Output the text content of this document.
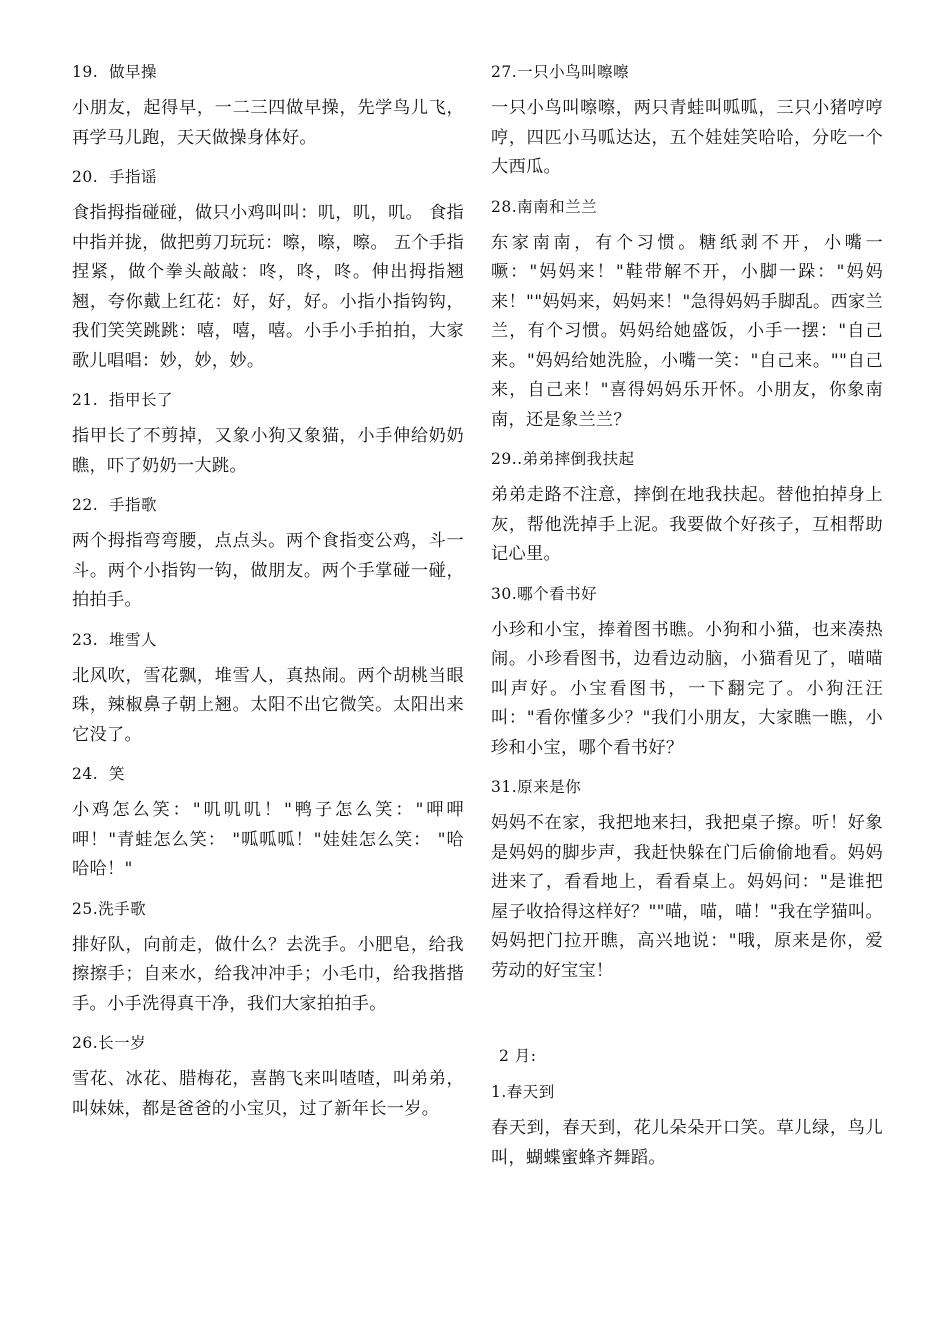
19.  做早操

小朋友，起得早，一二三四做早操，先学鸟儿飞，再学马儿跑，天天做操身体好。

20.  手指谣

食指拇指碰碰，做只小鸡叫叫：叽，叽，叽。 食指中指并拢，做把剪刀玩玩：嚓，嚓，嚓。 五个手指捏紧，做个拳头敲敲：咚，咚，咚。伸出拇指翘翘，夸你戴上红花：好，好，好。小指小指钩钩，我们笑笑跳跳：嘻，嘻，嘻。小手小手拍拍，大家歌儿唱唱：妙，妙，妙。

21.  指甲长了

指甲长了不剪掉，又象小狗又象猫，小手伸给奶奶瞧，吓了奶奶一大跳。

22.  手指歌

两个拇指弯弯腰，点点头。两个食指变公鸡，斗一斗。两个小指钩一钩，做朋友。两个手掌碰一碰，拍拍手。

23.  堆雪人

北风吹，雪花飘，堆雪人，真热闹。两个胡桃当眼珠，辣椒鼻子朝上翘。太阳不出它微笑。太阳出来它没了。

24.  笑

小鸡怎么笑："叽叽叽！"鸭子怎么笑："呷呷呷！"青蛙怎么笑： "呱呱呱！"娃娃怎么笑： "哈哈哈！"

25.洗手歌

排好队，向前走，做什么？去洗手。小肥皂，给我擦擦手；自来水，给我冲冲手；小毛巾，给我揩揩手。小手洗得真干净，我们大家拍拍手。

26.长一岁

雪花、冰花、腊梅花，喜鹊飞来叫喳喳，叫弟弟，叫妹妹，都是爸爸的小宝贝，过了新年长一岁。

27.一只小鸟叫嚓嚓

一只小鸟叫嚓嚓，两只青蛙叫呱呱，三只小猪哼哼哼，四匹小马呱达达，五个娃娃笑哈哈，分吃一个大西瓜。

28.南南和兰兰

东家南南，有个习惯。糖纸剥不开，小嘴一噘："妈妈来！"鞋带解不开，小脚一跺："妈妈来！""妈妈来，妈妈来！"急得妈妈手脚乱。西家兰兰，有个习惯。妈妈给她盛饭，小手一摆："自己来。"妈妈给她洗脸，小嘴一笑："自己来。""自己来，自己来！"喜得妈妈乐开怀。小朋友，你象南南，还是象兰兰？

29..弟弟摔倒我扶起

弟弟走路不注意，摔倒在地我扶起。替他拍掉身上灰，帮他洗掉手上泥。我要做个好孩子，互相帮助记心里。

30.哪个看书好

小珍和小宝，捧着图书瞧。小狗和小猫，也来凑热闹。小珍看图书，边看边动脑，小猫看见了，喵喵叫声好。小宝看图书，一下翻完了。小狗汪汪叫："看你懂多少？"我们小朋友，大家瞧一瞧，小珍和小宝，哪个看书好？

31.原来是你

妈妈不在家，我把地来扫，我把桌子擦。听！好象是妈妈的脚步声，我赶快躲在门后偷偷地看。妈妈进来了，看看地上，看看桌上。妈妈问："是谁把屋子收拾得这样好？""喵，喵，喵！"我在学猫叫。妈妈把门拉开瞧，高兴地说："哦，原来是你，爱劳动的好宝宝！

2 月:
1.春天到

春天到，春天到，花儿朵朵开口笑。草儿绿，鸟儿叫，蝴蝶蜜蜂齐舞蹈。
